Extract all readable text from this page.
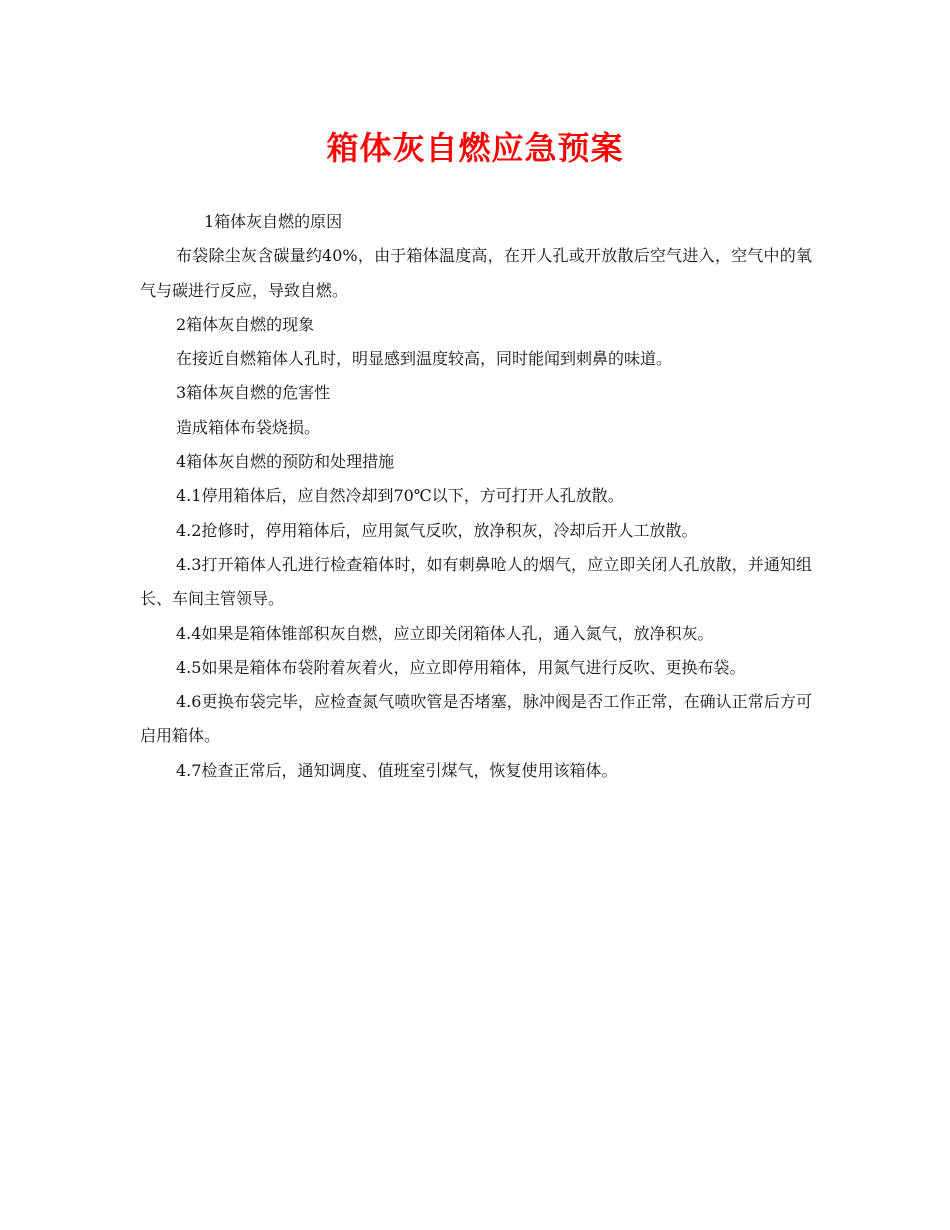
箱体灰自燃应急预案

1箱体灰自燃的原因

布袋除尘灰含碳量约40%，由于箱体温度高，在开人孔或开放散后空气进入，空气中的氧气与碳进行反应，导致自燃。

2箱体灰自燃的现象

在接近自燃箱体人孔时，明显感到温度较高，同时能闻到刺鼻的味道。

3箱体灰自燃的危害性

造成箱体布袋烧损。

4箱体灰自燃的预防和处理措施

4.1停用箱体后，应自然冷却到70℃以下，方可打开人孔放散。

4.2抢修时，停用箱体后，应用氮气反吹，放净积灰，冷却后开人工放散。

4.3打开箱体人孔进行检查箱体时，如有刺鼻呛人的烟气，应立即关闭人孔放散，并通知组长、车间主管领导。

4.4如果是箱体锥部积灰自燃，应立即关闭箱体人孔，通入氮气，放净积灰。

4.5如果是箱体布袋附着灰着火，应立即停用箱体，用氮气进行反吹、更换布袋。

4.6更换布袋完毕，应检查氮气喷吹管是否堵塞，脉冲阀是否工作正常，在确认正常后方可启用箱体。

4.7检查正常后，通知调度、值班室引煤气，恢复使用该箱体。
